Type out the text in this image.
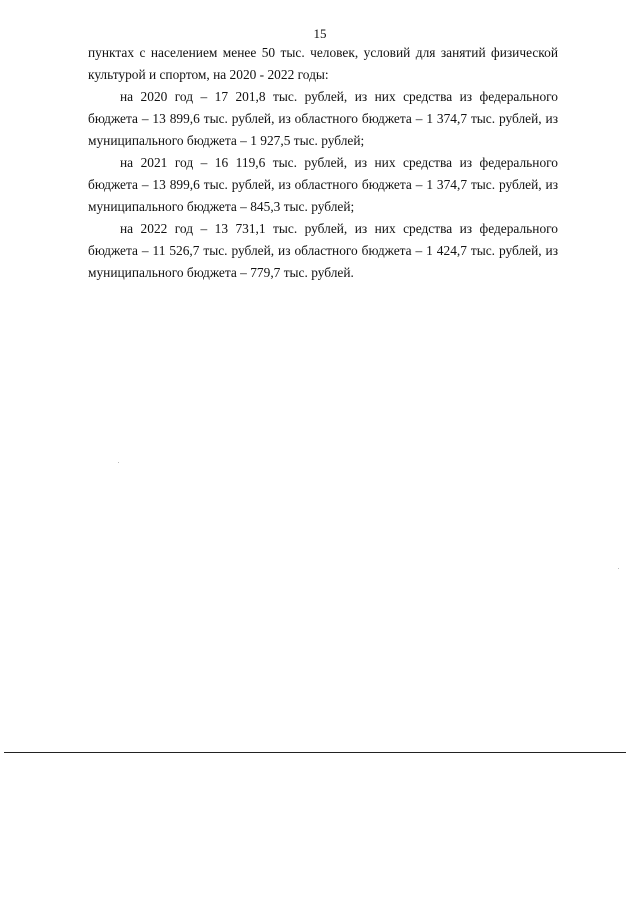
15

пунктах с населением менее 50 тыс. человек, условий для занятий физической культурой и спортом, на 2020 - 2022 годы:

на 2020 год – 17 201,8 тыс. рублей, из них средства из федерального бюджета – 13 899,6 тыс. рублей, из областного бюджета – 1 374,7 тыс. рублей, из муниципального бюджета – 1 927,5 тыс. рублей;

на 2021 год – 16 119,6 тыс. рублей, из них средства из федерального бюджета – 13 899,6 тыс. рублей, из областного бюджета – 1 374,7 тыс. рублей, из муниципального бюджета – 845,3 тыс. рублей;

на 2022 год – 13 731,1 тыс. рублей, из них средства из федерального бюджета – 11 526,7 тыс. рублей, из областного бюджета – 1 424,7 тыс. рублей, из муниципального бюджета – 779,7 тыс. рублей.
